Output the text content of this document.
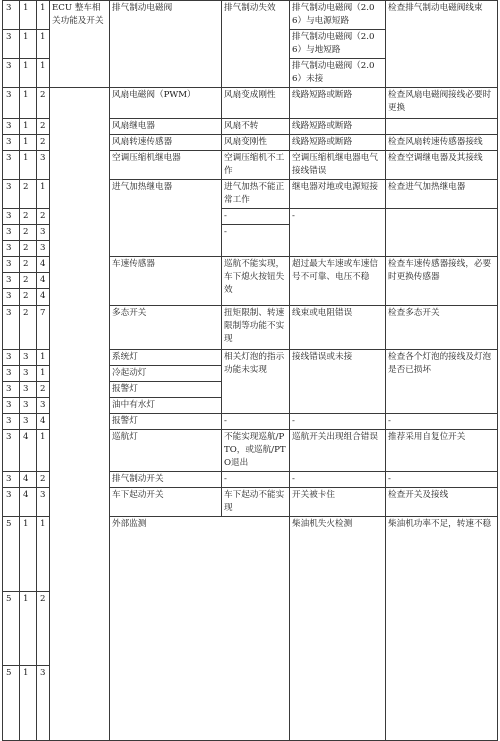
3	1	1	ECU 整车相关功能及开关	排气制动电磁阀	排气制动失效	排气制动电磁阀（2.06）与电源短路	检查排气制动电磁阀线束	
3	1	1				排气制动电磁阀（2.06）与地短路		
3	1	1				排气制动电磁阀（2.06）未接		
3	1	2		风扇电磁阀（PWM）	风扇变成刚性	线路短路或断路	检查风扇电磁阀接线必要时更换	
3	1	2		风扇继电器	风扇不转	线路短路或断路		
3	1	2		风扇转速传感器	风扇变刚性	线路短路或断路	检查风扇转速传感器接线	
3	1	3		空调压缩机继电器	空调压缩机不工作	空调压缩机继电器电气接线错误	检查空调继电器及其接线	
3	2	1		进气加热继电器	进气加热不能正常工作	继电器对地或电源短接	检查进气加热继电器	
3	2	2			-	-		
3	2	3			-			
3	2	3						
3	2	4		车速传感器	巡航不能实现，车下熄火按钮失效	超过最大车速或车速信号不可靠、电压不稳	检查车速传感器接线，必要时更换传感器	
3	2	4						
3	2	4						
3	2	7		多态开关	扭矩限制、转速限制等功能不实现	线束或电阻错误	检查多态开关	
3	3	1		系统灯	相关灯泡的指示功能未实现	接线错误或未接	检查各个灯泡的接线及灯泡是否已损坏	
3	3	1		冷起动灯				
3	3	2		报警灯				
3	3	3		油中有水灯				
3	3	4		报警灯	-	-	-	
3	4	1		巡航灯	不能实现巡航/PTO，或巡航/PTO退出	巡航开关出现组合错误	推荐采用自复位开关	
3	4	2		排气制动开关	-	-	-	
3	4	3		车下起动开关	车下起动不能实现	开关被卡住	检查开关及接线	
5	1	1		外部监测		柴油机失火检测	柴油机功率不足，转速不稳		
5	1	2	
5	1	3	
